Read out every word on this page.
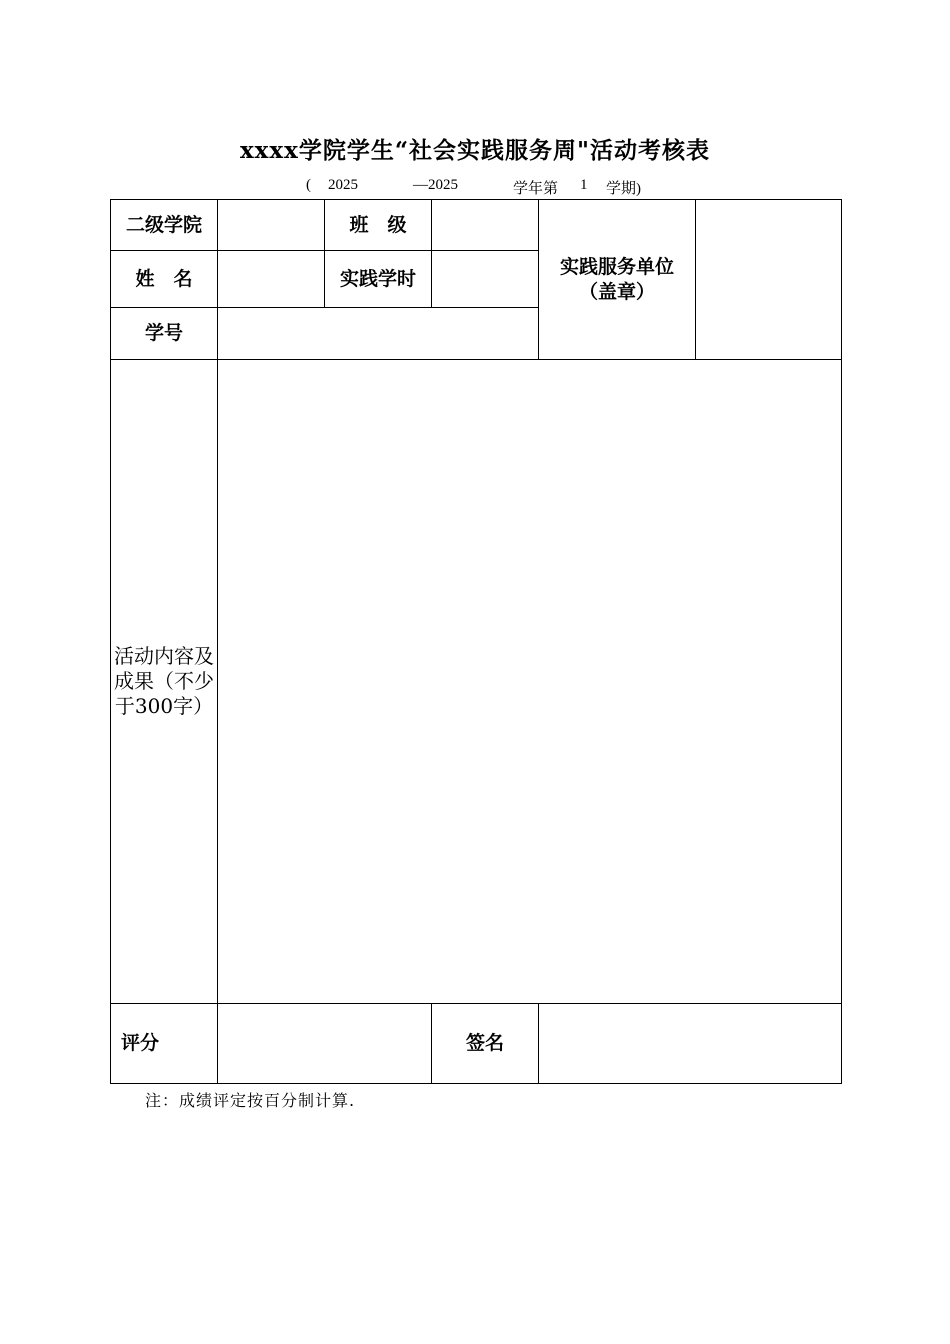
xxxx学院学生“社会实践服务周"活动考核表
( 2025	—2025	学年第 1 学期)
二级学院		班　级		实践服务单位
（盖章）	

姓　名		实践学时			
学号					
活动内容及成果（不少于300字）					
评分			签名		
注：成绩评定按百分制计算.
